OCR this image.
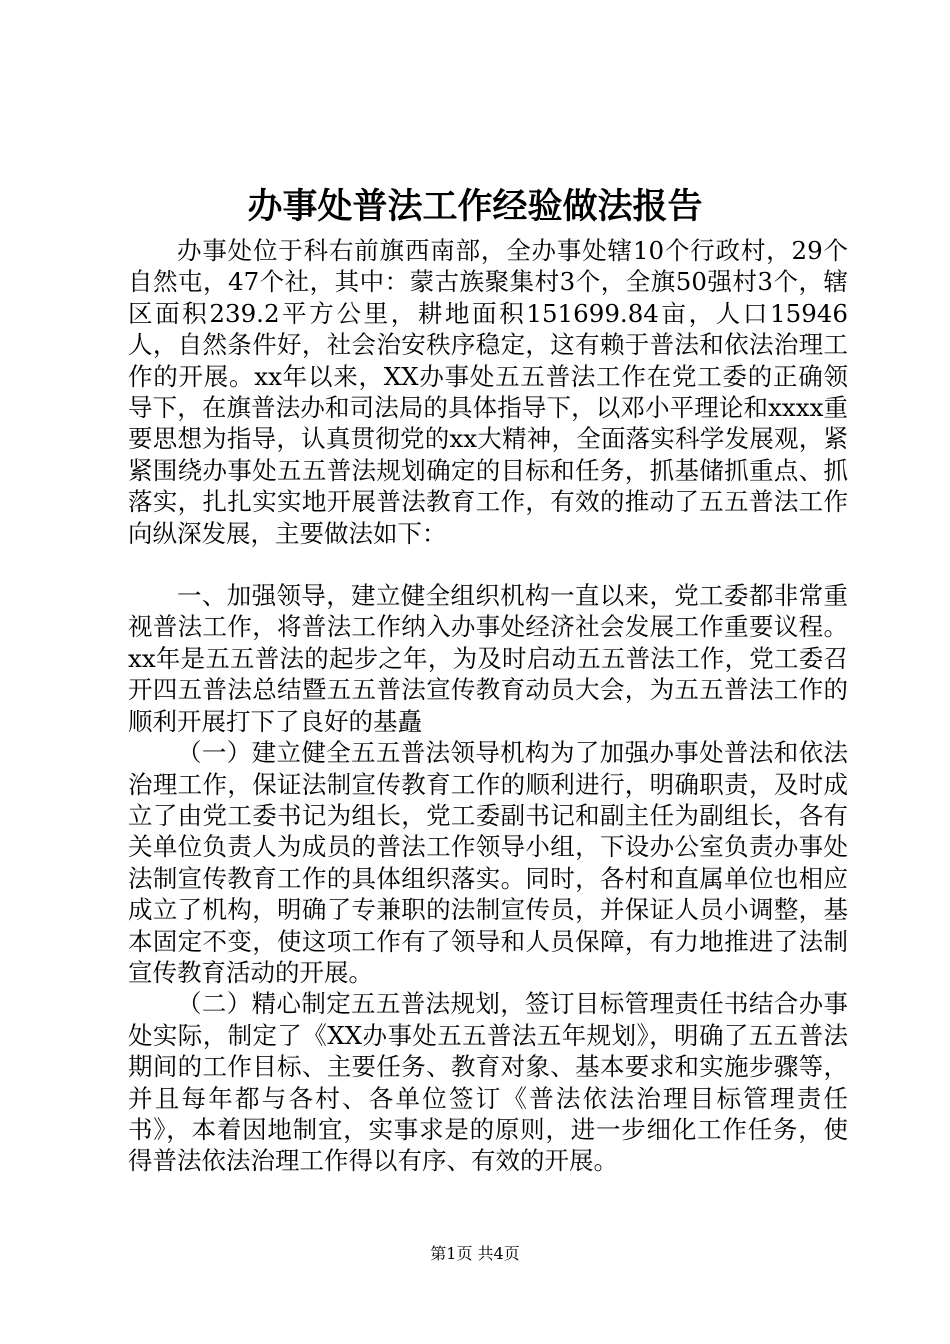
办事处普法工作经验做法报告

办事处位于科右前旗西南部，全办事处辖10个行政村，29个自然屯，47个社，其中：蒙古族聚集村3个，全旗50强村3个，辖区面积239.2平方公里，耕地面积151699.84亩，人口15946人，自然条件好，社会治安秩序稳定，这有赖于普法和依法治理工作的开展。xx年以来，XX办事处五五普法工作在党工委的正确领导下，在旗普法办和司法局的具体指导下，以邓小平理论和xxxx重要思想为指导，认真贯彻党的xx大精神，全面落实科学发展观，紧紧围绕办事处五五普法规划确定的目标和任务，抓基储抓重点、抓落实，扎扎实实地开展普法教育工作，有效的推动了五五普法工作向纵深发展，主要做法如下：

一、加强领导，建立健全组织机构一直以来，党工委都非常重视普法工作，将普法工作纳入办事处经济社会发展工作重要议程。xx年是五五普法的起步之年，为及时启动五五普法工作，党工委召开四五普法总结暨五五普法宣传教育动员大会，为五五普法工作的顺利开展打下了良好的基矗

（一）建立健全五五普法领导机构为了加强办事处普法和依法治理工作，保证法制宣传教育工作的顺利进行，明确职责，及时成立了由党工委书记为组长，党工委副书记和副主任为副组长，各有关单位负责人为成员的普法工作领导小组，下设办公室负责办事处法制宣传教育工作的具体组织落实。同时，各村和直属单位也相应成立了机构，明确了专兼职的法制宣传员，并保证人员小调整，基本固定不变，使这项工作有了领导和人员保障，有力地推进了法制宣传教育活动的开展。

（二）精心制定五五普法规划，签订目标管理责任书结合办事处实际，制定了《XX办事处五五普法五年规划》，明确了五五普法期间的工作目标、主要任务、教育对象、基本要求和实施步骤等，并且每年都与各村、各单位签订《普法依法治理目标管理责任书》，本着因地制宜，实事求是的原则，进一步细化工作任务，使得普法依法治理工作得以有序、有效的开展。

第1页 共4页
